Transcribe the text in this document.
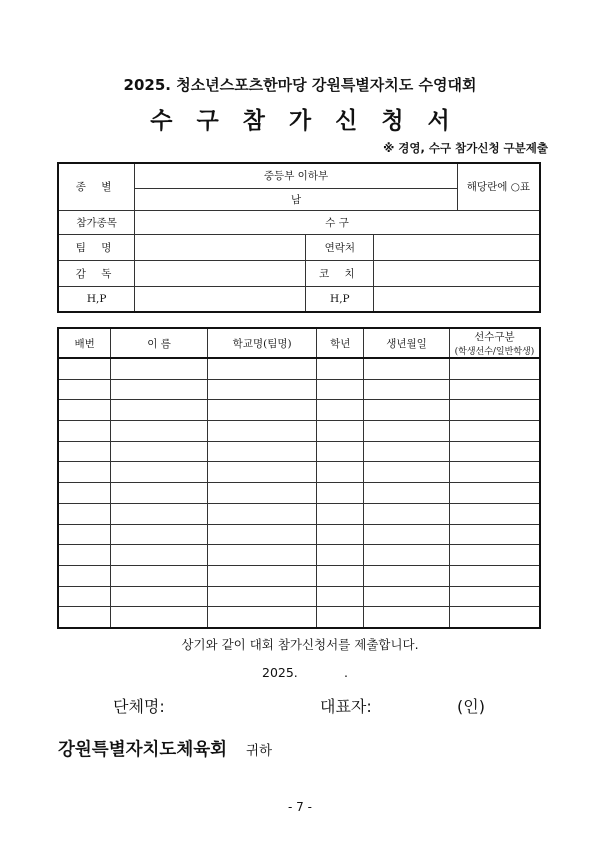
2025. 청소년스포츠한마당 강원특별자치도 수영대회
수구참가신청서
※ 경영, 수구 참가신청 구분제출
종 별	중등부 이하부			해당란에 ○표
	남			
참가종목	수 구			
팀 명		연락처		
감 독		코 치		
H,P		H,P		
배번	이 름	학교명(팀명)	학년	생년월일	선수구분
(학생선수/일반학생)

상기와 같이 대회 참가신청서를 제출합니다.
2025.	.
단체명:	대표자:	(인)
강원특별자치도체육회 귀하
- 7 -
